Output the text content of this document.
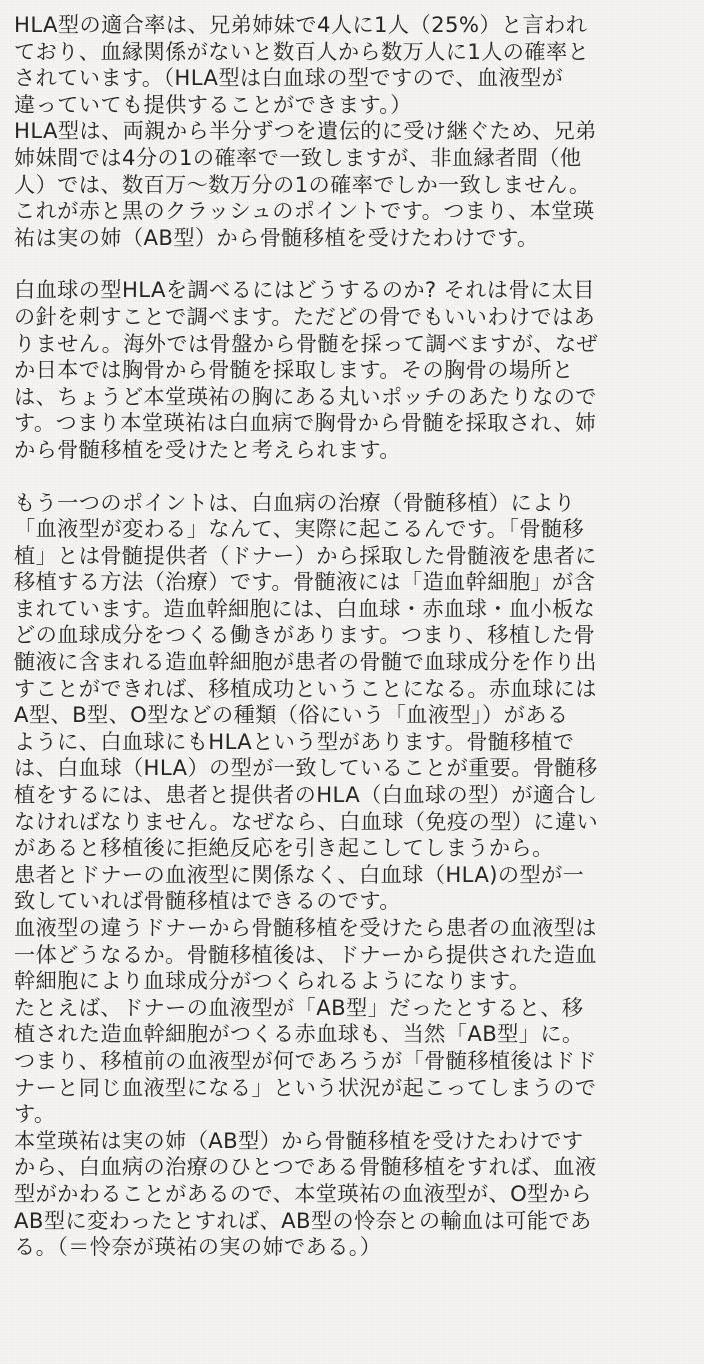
HLA型の適合率は、兄弟姉妹で4人に1人（25%）と言われ
ており、血縁関係がないと数百人から数万人に1人の確率と
されています。（HLA型は白血球の型ですので、血液型が
違っていても提供することができます。）
HLA型は、両親から半分ずつを遺伝的に受け継ぐため、兄弟
姉妹間では4分の1の確率で一致しますが、非血縁者間（他
人）では、数百万～数万分の1の確率でしか一致しません。
これが赤と黒のクラッシュのポイントです。つまり、本堂瑛
祐は実の姉（AB型）から骨髄移植を受けたわけです。

白血球の型HLAを調べるにはどうするのか? それは骨に太目
の針を刺すことで調べます。ただどの骨でもいいわけではあ
りません。海外では骨盤から骨髄を採って調べますが、なぜ
か日本では胸骨から骨髄を採取します。その胸骨の場所と
は、ちょうど本堂瑛祐の胸にある丸いポッチのあたりなので
す。つまり本堂瑛祐は白血病で胸骨から骨髄を採取され、姉
から骨髄移植を受けたと考えられます。

もう一つのポイントは、白血病の治療（骨髄移植）により
「血液型が変わる」なんて、実際に起こるんです。「骨髄移
植」とは骨髄提供者（ドナー）から採取した骨髄液を患者に
移植する方法（治療）です。骨髄液には「造血幹細胞」が含
まれています。造血幹細胞には、白血球・赤血球・血小板な
どの血球成分をつくる働きがあります。つまり、移植した骨
髄液に含まれる造血幹細胞が患者の骨髄で血球成分を作り出
すことができれば、移植成功ということになる。赤血球には
A型、B型、O型などの種類（俗にいう「血液型」）がある
ように、白血球にもHLAという型があります。骨髄移植で
は、白血球（HLA）の型が一致していることが重要。骨髄移
植をするには、患者と提供者のHLA（白血球の型）が適合し
なければなりません。なぜなら、白血球（免疫の型）に違い
があると移植後に拒絶反応を引き起こしてしまうから。
患者とドナーの血液型に関係なく、白血球（HLA)の型が一
致していれば骨髄移植はできるのです。
血液型の違うドナーから骨髄移植を受けたら患者の血液型は
一体どうなるか。骨髄移植後は、ドナーから提供された造血
幹細胞により血球成分がつくられるようになります。
たとえば、ドナーの血液型が「AB型」だったとすると、移
植された造血幹細胞がつくる赤血球も、当然「AB型」に。
つまり、移植前の血液型が何であろうが「骨髄移植後はドド
ナーと同じ血液型になる」という状況が起こってしまうので
す。
本堂瑛祐は実の姉（AB型）から骨髄移植を受けたわけです
から、白血病の治療のひとつである骨髄移植をすれば、血液
型がかわることがあるので、本堂瑛祐の血液型が、O型から
AB型に変わったとすれば、AB型の怜奈との輸血は可能であ
る。（＝怜奈が瑛祐の実の姉である。）
